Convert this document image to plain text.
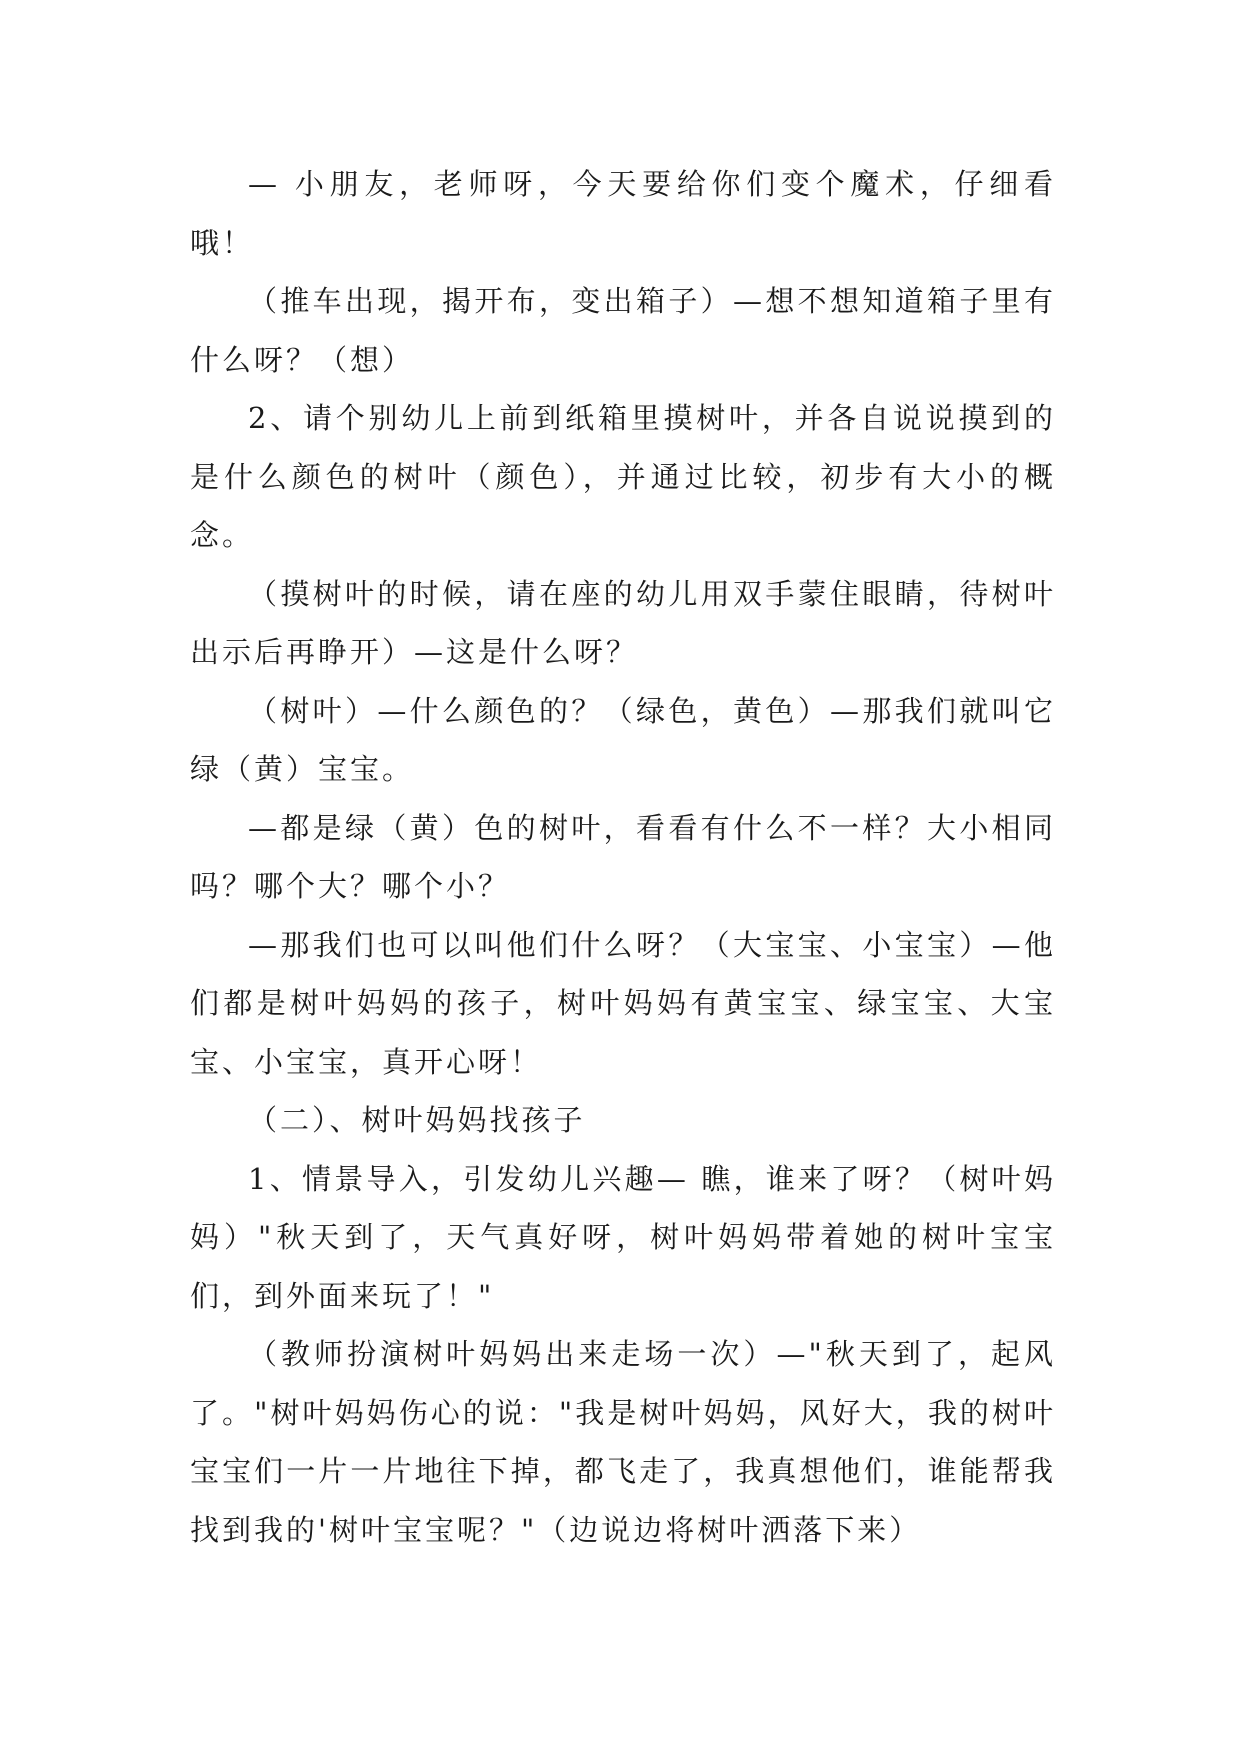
— 小朋友，老师呀，今天要给你们变个魔术，仔细看哦！

（推车出现，揭开布，变出箱子）—想不想知道箱子里有什么呀？（想）

2、请个别幼儿上前到纸箱里摸树叶，并各自说说摸到的是什么颜色的树叶（颜色），并通过比较，初步有大小的概念。

（摸树叶的时候，请在座的幼儿用双手蒙住眼睛，待树叶出示后再睁开）—这是什么呀？

（树叶）—什么颜色的？（绿色，黄色）—那我们就叫它绿（黄）宝宝。

—都是绿（黄）色的树叶，看看有什么不一样？大小相同吗？哪个大？哪个小？

—那我们也可以叫他们什么呀？（大宝宝、小宝宝）—他们都是树叶妈妈的孩子，树叶妈妈有黄宝宝、绿宝宝、大宝宝、小宝宝，真开心呀！

（二）、树叶妈妈找孩子

1、情景导入，引发幼儿兴趣— 瞧，谁来了呀？（树叶妈妈）"秋天到了，天气真好呀，树叶妈妈带着她的树叶宝宝们，到外面来玩了！"

（教师扮演树叶妈妈出来走场一次）—"秋天到了，起风了。"树叶妈妈伤心的说："我是树叶妈妈，风好大，我的树叶宝宝们一片一片地往下掉，都飞走了，我真想他们，谁能帮我找到我的'树叶宝宝呢？"（边说边将树叶洒落下来）
